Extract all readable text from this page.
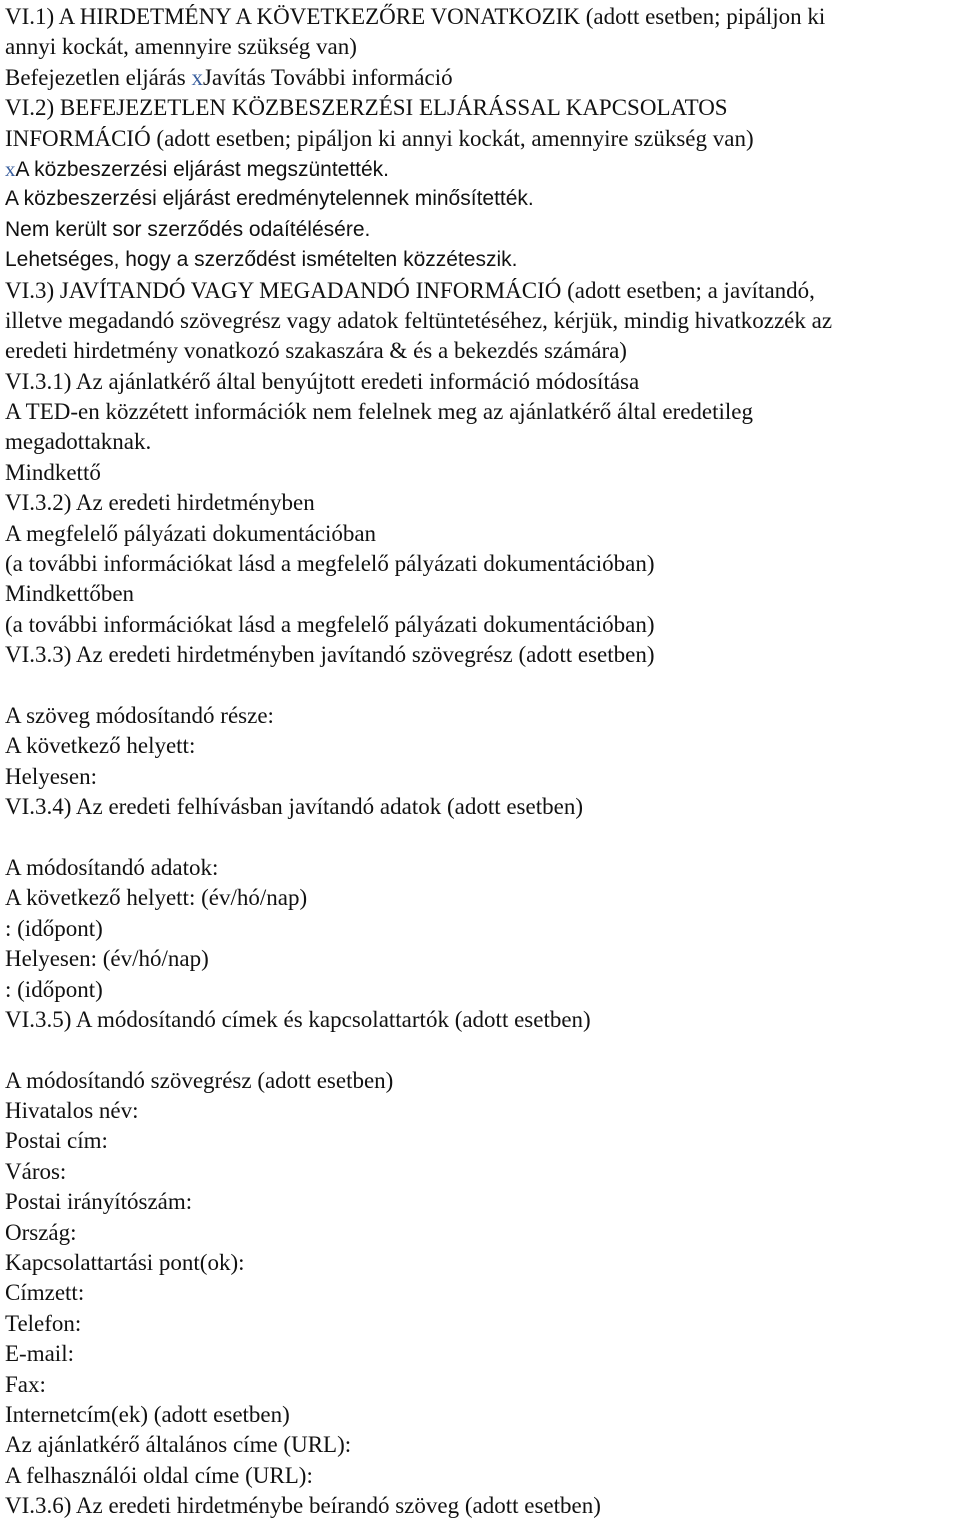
VI.1) A HIRDETMÉNY A KÖVETKEZŐRE VONATKOZIK (adott esetben; pipáljon ki
annyi kockát, amennyire szükség van)
Befejezetlen eljárás xJavítás További információ
VI.2) BEFEJEZETLEN KÖZBESZERZÉSI ELJÁRÁSSAL KAPCSOLATOS
INFORMÁCIÓ (adott esetben; pipáljon ki annyi kockát, amennyire szükség van)
xA közbeszerzési eljárást megszüntették.
A közbeszerzési eljárást eredménytelennek minősítették.
Nem került sor szerződés odaítélésére.
Lehetséges, hogy a szerződést ismételten közzéteszik.
VI.3) JAVÍTANDÓ VAGY MEGADANDÓ INFORMÁCIÓ (adott esetben; a javítandó,
illetve megadandó szövegrész vagy adatok feltüntetéséhez, kérjük, mindig hivatkozzék az
eredeti hirdetmény vonatkozó szakaszára & és a bekezdés számára)
VI.3.1) Az ajánlatkérő által benyújtott eredeti információ módosítása
A TED-en közzétett információk nem felelnek meg az ajánlatkérő által eredetileg
megadottaknak.
Mindkettő
VI.3.2) Az eredeti hirdetményben
A megfelelő pályázati dokumentációban
(a további információkat lásd a megfelelő pályázati dokumentációban)
Mindkettőben
(a további információkat lásd a megfelelő pályázati dokumentációban)
VI.3.3) Az eredeti hirdetményben javítandó szövegrész (adott esetben)
A szöveg módosítandó része:
A következő helyett:
Helyesen:
VI.3.4) Az eredeti felhívásban javítandó adatok (adott esetben)
A módosítandó adatok:
A következő helyett: (év/hó/nap)
: (időpont)
Helyesen: (év/hó/nap)
: (időpont)
VI.3.5) A módosítandó címek és kapcsolattartók (adott esetben)
A módosítandó szövegrész (adott esetben)
Hivatalos név:
Postai cím:
Város:
Postai irányítószám:
Ország:
Kapcsolattartási pont(ok):
Címzett:
Telefon:
E-mail:
Fax:
Internetcím(ek) (adott esetben)
Az ajánlatkérő általános címe (URL):
A felhasználói oldal címe (URL):
VI.3.6) Az eredeti hirdetménybe beírandó szöveg (adott esetben)
